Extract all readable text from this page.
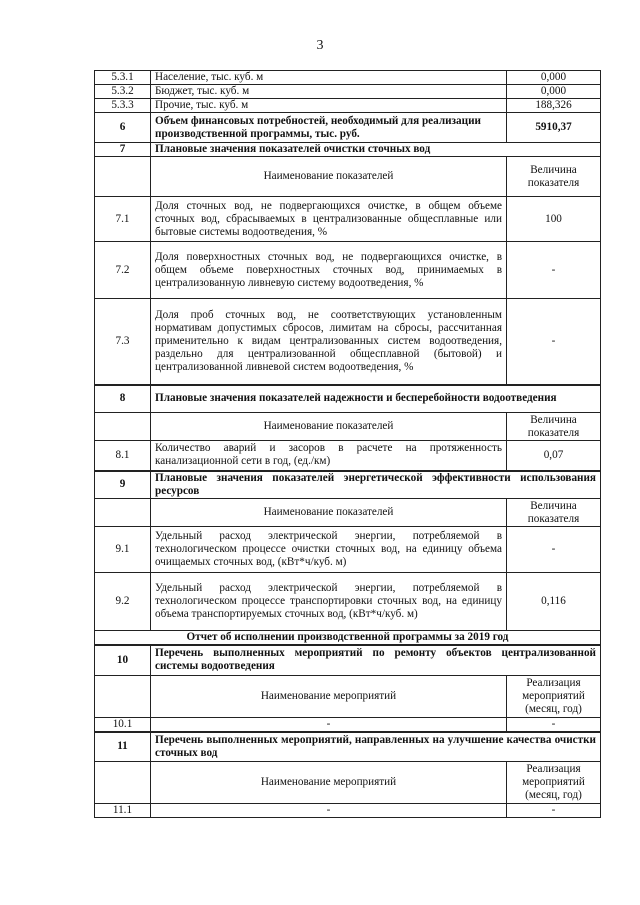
3
5.3.1	Население, тыс. куб. м	0,000
5.3.2	Бюджет, тыс. куб. м	0,000
5.3.3	Прочие, тыс. куб. м	188,326
6	Объем финансовых потребностей, необходимый для реализации производственной программы, тыс. руб.	5910,37
7	Плановые значения показателей очистки сточных вод	
	Наименование показателей	Величина показателя
7.1	Доля сточных вод, не подвергающихся очистке, в общем объеме сточных вод, сбрасываемых в централизованные общесплавные или бытовые системы водоотведения, %	100
7.2	Доля поверхностных сточных вод, не подвергающихся очистке, в общем объеме поверхностных сточных вод, принимаемых в централизованную ливневую систему водоотведения, %	-
7.3	Доля проб сточных вод, не соответствующих установленным нормативам допустимых сбросов, лимитам на сбросы, рассчитанная применительно к видам централизованных систем водоотведения, раздельно для централизованной общесплавной (бытовой) и централизованной ливневой систем водоотведения, %	-
8	Плановые значения показателей надежности и бесперебойности водоотведения	
	Наименование показателей	Величина показателя
8.1	Количество аварий и засоров в расчете на протяженность канализационной сети в год, (ед./км)	0,07
9	Плановые значения показателей энергетической эффективности использования ресурсов	
	Наименование показателей	Величина показателя
9.1	Удельный расход электрической энергии, потребляемой в технологическом процессе очистки сточных вод, на единицу объема очищаемых сточных вод, (кВт*ч/куб. м)	-
9.2	Удельный расход электрической энергии, потребляемой в технологическом процессе транспортировки сточных вод, на единицу объема транспортируемых сточных вод, (кВт*ч/куб. м)	0,116
Отчет об исполнении производственной программы за 2019 год		
10	Перечень выполненных мероприятий по ремонту объектов централизованной системы водоотведения	
	Наименование мероприятий	Реализация мероприятий (месяц, год)
10.1	-	-
11	Перечень выполненных мероприятий, направленных на улучшение качества очистки сточных вод	
	Наименование мероприятий	Реализация мероприятий (месяц, год)
11.1	-	-
